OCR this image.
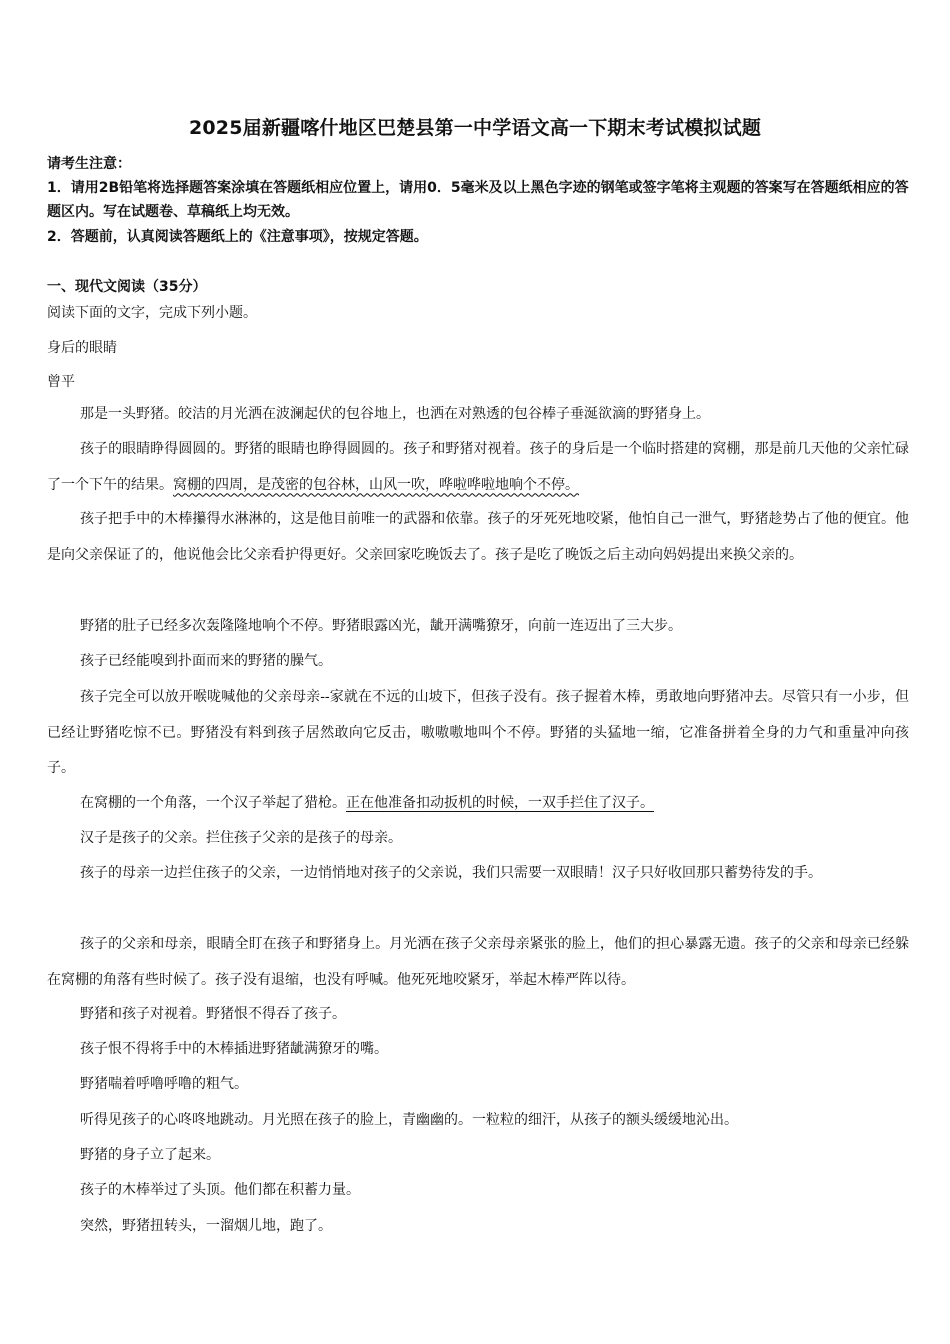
2025届新疆喀什地区巴楚县第一中学语文高一下期末考试模拟试题
请考生注意：
1．请用2B铅笔将选择题答案涂填在答题纸相应位置上，请用0．5毫米及以上黑色字迹的钢笔或签字笔将主观题的答案写在答题纸相应的答题区内。写在试题卷、草稿纸上均无效。
2．答题前，认真阅读答题纸上的《注意事项》，按规定答题。
一、现代文阅读（35分）
阅读下面的文字，完成下列小题。
身后的眼睛
曾平
那是一头野猪。皎洁的月光洒在波澜起伏的包谷地上，也洒在对熟透的包谷棒子垂涎欲滴的野猪身上。
孩子的眼睛睁得圆圆的。野猪的眼睛也睁得圆圆的。孩子和野猪对视着。孩子的身后是一个临时搭建的窝棚，那是前几天他的父亲忙碌了一个下午的结果。窝棚的四周，是茂密的包谷林，山风一吹，哗啦哗啦地响个不停。
孩子把手中的木棒攥得水淋淋的，这是他目前唯一的武器和依靠。孩子的牙死死地咬紧，他怕自己一泄气，野猪趁势占了他的便宜。他是向父亲保证了的，他说他会比父亲看护得更好。父亲回家吃晚饭去了。孩子是吃了晚饭之后主动向妈妈提出来换父亲的。
野猪的肚子已经多次轰隆隆地响个不停。野猪眼露凶光，龇开满嘴獠牙，向前一连迈出了三大步。
孩子已经能嗅到扑面而来的野猪的臊气。
孩子完全可以放开喉咙喊他的父亲母亲--家就在不远的山坡下，但孩子没有。孩子握着木棒，勇敢地向野猪冲去。尽管只有一小步，但已经让野猪吃惊不已。野猪没有料到孩子居然敢向它反击，嗷嗷嗷地叫个不停。野猪的头猛地一缩，它准备拼着全身的力气和重量冲向孩子。
在窝棚的一个角落，一个汉子举起了猎枪。正在他准备扣动扳机的时候，一双手拦住了汉子。
汉子是孩子的父亲。拦住孩子父亲的是孩子的母亲。
孩子的母亲一边拦住孩子的父亲，一边悄悄地对孩子的父亲说，我们只需要一双眼睛！汉子只好收回那只蓄势待发的手。
孩子的父亲和母亲，眼睛全盯在孩子和野猪身上。月光洒在孩子父亲母亲紧张的脸上，他们的担心暴露无遗。孩子的父亲和母亲已经躲在窝棚的角落有些时候了。孩子没有退缩，也没有呼喊。他死死地咬紧牙，举起木棒严阵以待。
野猪和孩子对视着。野猪恨不得吞了孩子。
孩子恨不得将手中的木棒插进野猪龇满獠牙的嘴。
野猪喘着呼噜呼噜的粗气。
听得见孩子的心咚咚地跳动。月光照在孩子的脸上，青幽幽的。一粒粒的细汗，从孩子的额头缓缓地沁出。
野猪的身子立了起来。
孩子的木棒举过了头顶。他们都在积蓄力量。
突然，野猪扭转头，一溜烟儿地，跑了。
